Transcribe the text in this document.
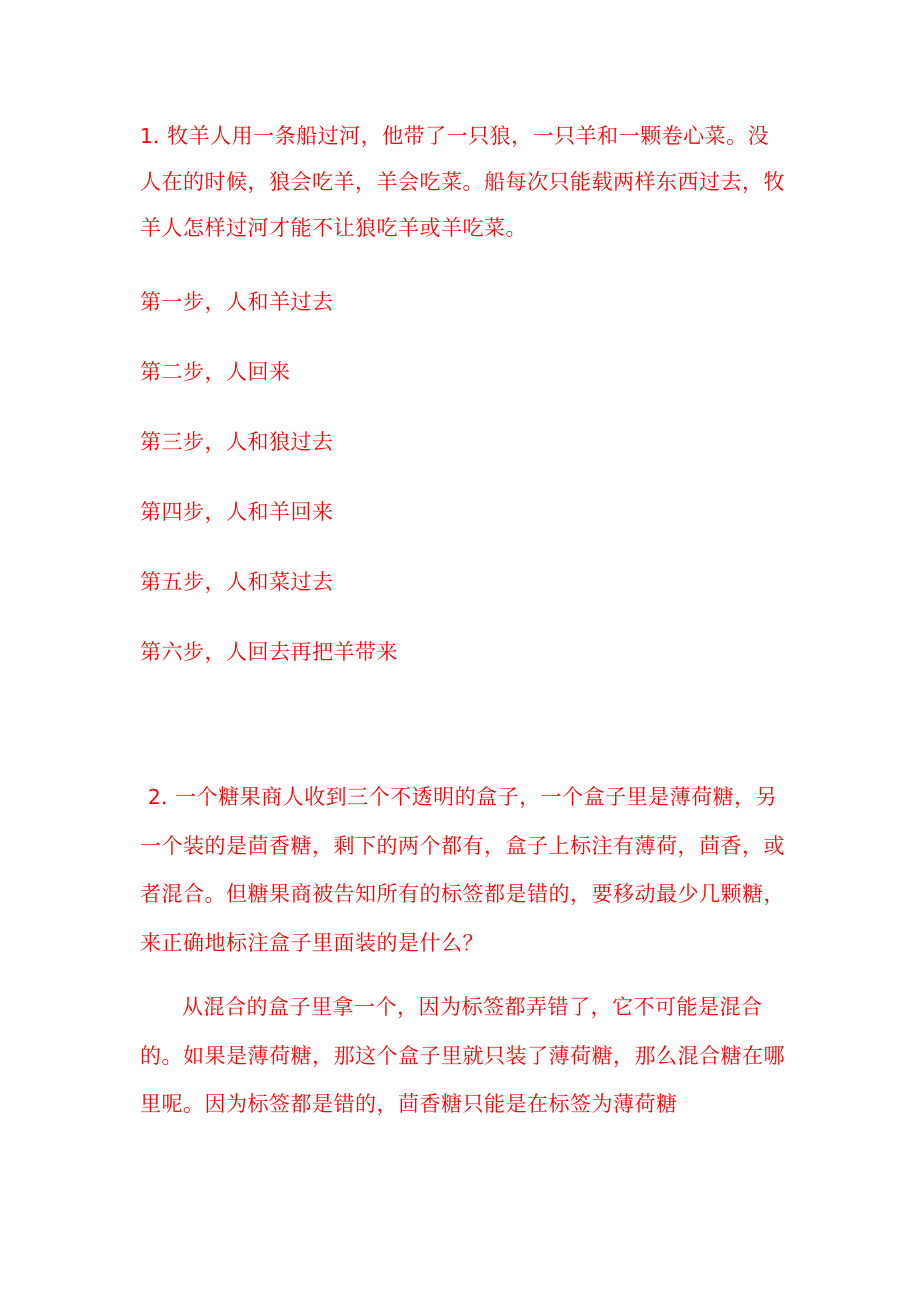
1. 牧羊人用一条船过河，他带了一只狼，一只羊和一颗卷心菜。没人在的时候，狼会吃羊，羊会吃菜。船每次只能载两样东西过去，牧羊人怎样过河才能不让狼吃羊或羊吃菜。
第一步，人和羊过去
第二步，人回来
第三步，人和狼过去
第四步，人和羊回来
第五步，人和菜过去
第六步，人回去再把羊带来
2. 一个糖果商人收到三个不透明的盒子，一个盒子里是薄荷糖，另一个装的是茴香糖，剩下的两个都有，盒子上标注有薄荷，茴香，或者混合。但糖果商被告知所有的标签都是错的，要移动最少几颗糖，来正确地标注盒子里面装的是什么？
从混合的盒子里拿一个，因为标签都弄错了，它不可能是混合的。如果是薄荷糖，那这个盒子里就只装了薄荷糖，那么混合糖在哪里呢。因为标签都是错的，茴香糖只能是在标签为薄荷糖
